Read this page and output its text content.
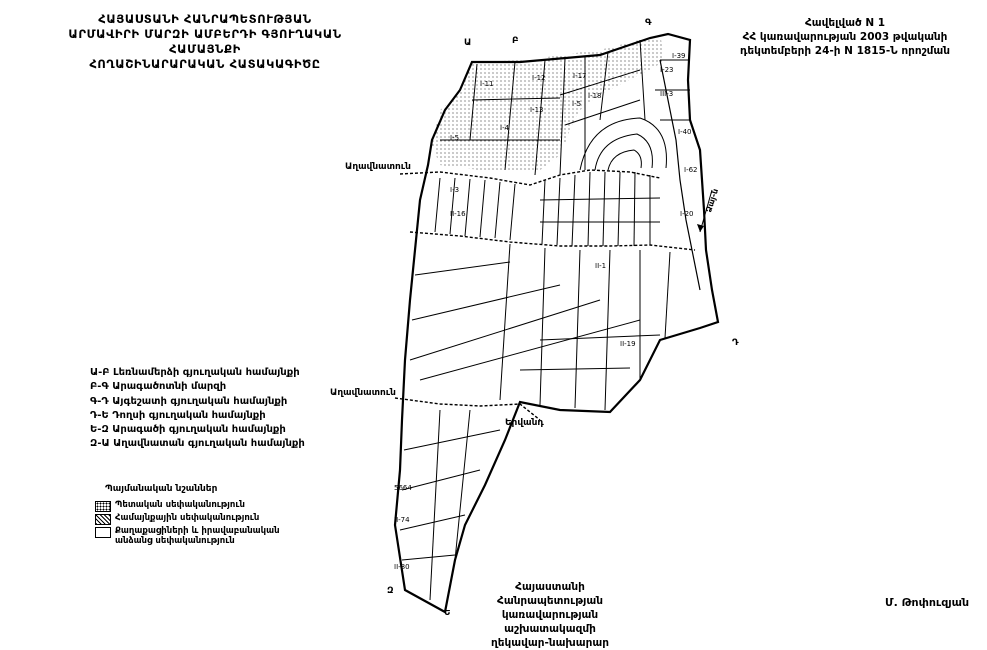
ՀԱՅԱՍՏԱՆԻ ՀԱՆՐԱՊԵՏՈՒԹՅԱՆ
ԱՐՄԱՎԻՐԻ ՄԱՐԶԻ ԱՄԲԵՐԴԻ ԳՅՈՒՂԱԿԱՆ ՀԱՄԱՅՆՔԻ
ՀՈՂԱՇԻՆԱՐԱՐԱԿԱՆ ՀԱՏԱԿԱԳԻԾԸ
Հավելված N 1
ՀՀ կառավարության 2003 թվականի
դեկտեմբերի 24-ի N 1815-Ն որոշման
Ա	Բ
Գ
Դ
Ե
Զ
Աղավնատուն
Աղավնատուն
Երվանդ
Ձայ-ն
I-11
I-12	I-17
I-18
I-13
I-4
I-5
I-3
II-16
I-5
I-23
III-3
I-40
I-39
II-1
II-19
5664
II-74
II-80
I-20
I-62
Ա-Բ Լեռնամերձի գյուղական համայնքի
Բ-Գ Արագածոտնի մարզի
Գ-Դ Այգեշատի գյուղական համայնքի
Դ-Ե Դողսի գյուղական համայնքի
Ե-Զ Արագածի գյուղական համայնքի
Զ-Ա Աղավնատան գյուղական համայնքի
Պայմանական նշաններ
Պետական սեփականություն
Համայնքային սեփականություն
Քաղաքացիների և իրավաբանական անձանց սեփականություն
Հայաստանի Հանրապետության
կառավարության աշխատակազմի
ղեկավար-նախարար
Մ. Թոփուզյան
